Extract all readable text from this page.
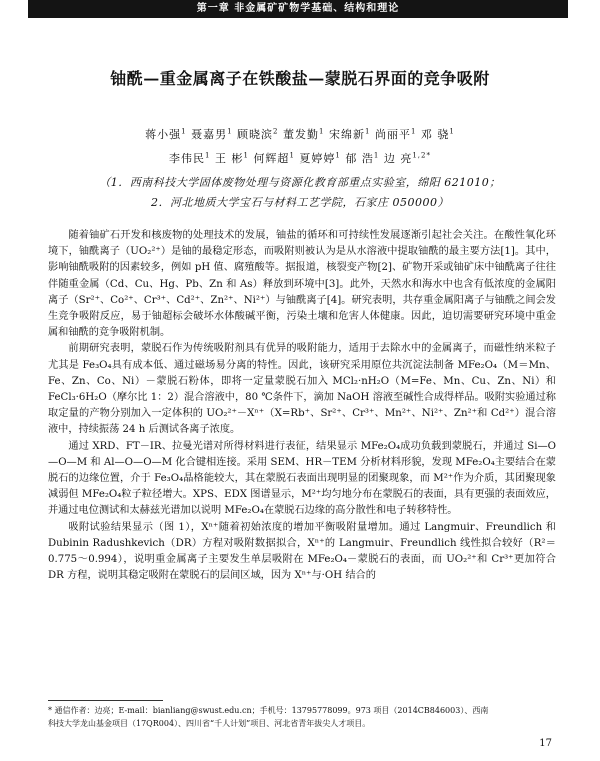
第一章 非金属矿矿物学基础、结构和理论
铀酰—重金属离子在铁酸盐—蒙脱石界面的竞争吸附
蒋小强$^1$ 聂嘉男$^1$ 顾晓滨$^2$ 董发勤$^1$ 宋绵新$^1$ 尚丽平$^1$ 邓 骁$^1$
李伟民$^1$ 王 彬$^1$ 何辉超$^1$ 夏婷婷$^1$ 郁 浩$^1$ 边 亮$^{1,2*}$
（1．西南科技大学固体废物处理与资源化教育部重点实验室，绵阳 621010；
2．河北地质大学宝石与材料工艺学院，石家庄 050000）

随着铀矿石开发和核废物的处理技术的发展，铀盐的循环和可持续性发展逐渐引起社会关注。在酸性氧化环境下，铀酰离子（UO₂²⁺）是铀的最稳定形态，而吸附则被认为是从水溶液中提取铀酰的最主要方法[1]。其中，影响铀酰吸附的因素较多，例如 pH 值、腐殖酸等。据报道，核裂变产物[2]、矿物开采或铀矿床中铀酰离子往往伴随重金属（Cd、Cu、Hg、Pb、Zn 和 As）释放到环境中[3]。此外，天然水和海水中也含有低浓度的金属阳离子（Sr²⁺、Co²⁺、Cr³⁺、Cd²⁺、Zn²⁺、Ni²⁺）与铀酰离子[4]。研究表明，共存重金属阳离子与铀酰之间会发生竞争吸附反应，易于铀超标会破坏水体酸碱平衡，污染土壤和危害人体健康。因此，迫切需要研究环境中重金属和铀酰的竞争吸附机制。

前期研究表明，蒙脱石作为传统吸附剂具有优异的吸附能力，适用于去除水中的金属离子，而磁性纳米粒子尤其是 Fe₃O₄具有成本低、通过磁场易分离的特性。因此，该研究采用原位共沉淀法制备 MFe₂O₄（M＝Mn、Fe、Zn、Co、Ni）－蒙脱石粉体，即将一定量蒙脱石加入 MCl₂·nH₂O（M=Fe、Mn、Cu、Zn、Ni）和 FeCl₃·6H₂O（摩尔比 1：2）混合溶液中，80 ℃条件下，滴加 NaOH 溶液至碱性合成得样品。吸附实验通过称取定量的产物分别加入一定体积的 UO₂²⁺－Xⁿ⁺（X=Rb⁺、Sr²⁺、Cr³⁺、Mn²⁺、Ni²⁺、Zn²⁺和 Cd²⁺）混合溶液中，持续振荡 24 h 后测试各离子浓度。

通过 XRD、FT－IR、拉曼光谱对所得材料进行表征，结果显示 MFe₂O₄成功负载到蒙脱石，并通过 Si—O—O—M 和 Al—O—O—M 化合键相连接。采用 SEM、HR－TEM 分析材料形貌，发现 MFe₂O₄主要结合在蒙脱石的边缘位置，介于 Fe₃O₄晶格能较大，其在蒙脱石表面出现明显的团聚现象，而 M²⁺作为介质，其团聚现象减弱但 MFe₂O₄粒子粒径增大。XPS、EDX 图谱显示，M²⁺均匀地分布在蒙脱石的表面，具有更强的表面效应，并通过电位测试和太赫兹光谱加以说明 MFe₂O₄在蒙脱石边缘的高分散性和电子转移特性。

吸附试验结果显示（图 1），Xⁿ⁺随着初始浓度的增加平衡吸附量增加。通过 Langmuir、Freundlich 和 Dubinin Radushkevich（DR）方程对吸附数据拟合，Xⁿ⁺的 Langmuir、Freundlich 线性拟合较好（R²＝0.775～0.994），说明重金属离子主要发生单层吸附在 MFe₂O₄－蒙脱石的表面，而 UO₂²⁺和 Cr³⁺更加符合 DR 方程，说明其稳定吸附在蒙脱石的层间区域，因为 Xⁿ⁺与·OH 结合的

* 通信作者：边亮；E-mail：bianliang@swust.edu.cn；手机号：13795778099。973 项目（2014CB846003）、西南
科技大学龙山基金项目（17QR004）、四川省“千人计划”项目、河北省青年拔尖人才项目。
17
